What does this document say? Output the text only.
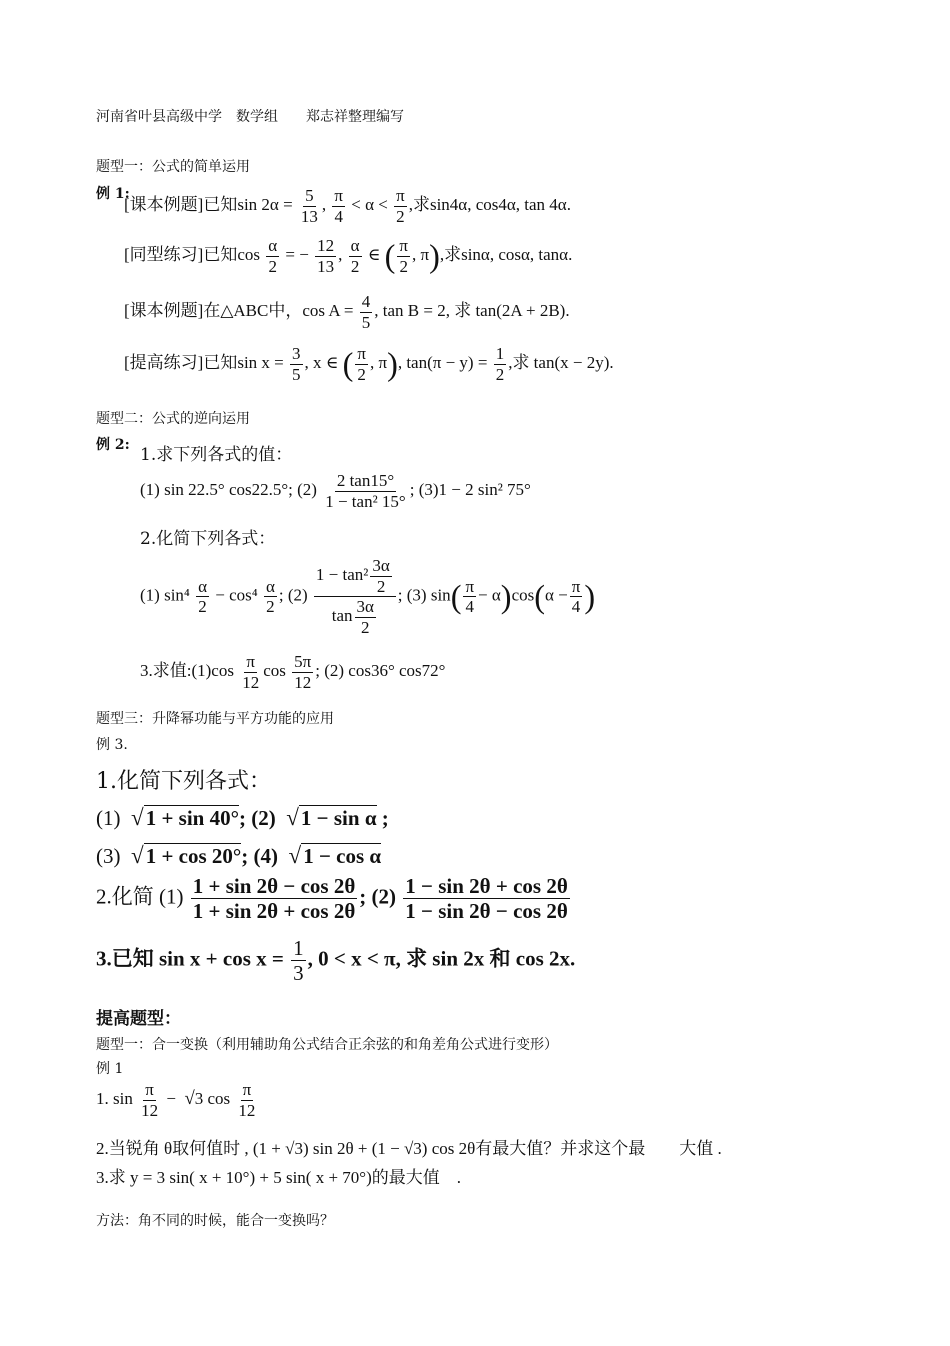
河南省叶县高级中学　数学组　　郑志祥整理编写
题型一：公式的简单运用
例 1:
[课本例题]已知$\sin 2\alpha = \frac{5}{13}$ , $\frac{\pi}{4} < \alpha < \frac{\pi}{2}$ ,求sin4α, cos4α, tan 4α.
[同型练习]已知$\cos \frac{\alpha}{2}$ = − $\frac{12}{13}$ , $\frac{\alpha}{2}$ ∈ ( $\frac{\pi}{2}$ , π),求sinα, cosα, tanα.
[课本例题]在△ABC中，$\cos A = \frac{4}{5}$ , tan B = 2, 求 tan(2A + 2B).
[提高练习]已知$\sin x = \frac{3}{5}$ , x ∈ ( $\frac{\pi}{2}$ , π), $\tan(\pi - y) = \frac{1}{2}$ ,求 tan(x − 2y).
题型二：公式的逆向运用
例 2: 1.求下列各式的值：
(1) sin 22.5° cos22.5°; $(2) \frac{2 \tan 15^\circ}{\text{1 − tan² 15°}}$ ; (3)1 − 2 sin² 75°
2.化简下列各式：
(1) $\sin^4 \frac{\alpha}{2} - \cos^4 \frac{\alpha}{2}$ ; $(2) \frac{1 - \tan^2 \frac{3\alpha}{2}}{\tan \frac{3\alpha}{2}}$ ; (3) $\sin( \frac{\pi}{4} - \alpha)\cos(\alpha - \frac{\pi}{4}$ )
3.求值:(1)cos $\frac{\pi}{12}$ $\cos \frac{5\pi}{12}$ ; (2) cos36° cos72°
题型三：升降幂功能与平方功能的应用
例 3.
1.化简下列各式：
(1) √1 + sin 40°; (2) √1 − sin α ;
(3) √1 + cos 20°; (4) √1 − cos α
2.化简 $(1) \frac{1 + \sin 2\theta - \cos 2\theta}{1 + \sin 2\theta + \cos 2\theta}$ ; $(2) \frac{1 - \sin 2\theta + \cos 2\theta}{1 - \sin 2\theta - \cos 2\theta}$
3.已知 $\sin x + \cos x = \frac{1}{3}$ , 0 < x < π, 求 sin 2x 和 cos 2x.
提高题型：
题型一：合一变换（利用辅助角公式结合正余弦的和角差角公式进行变形）
例 1
1. $\sin \frac{\pi}{12} - √3$ $\cos \frac{\pi}{12}$
2.当锐角 θ取何值时 , (1 + √3) sin 2θ + (1 − √3) cos 2θ有最大值？并求这个最　　大值 .
3.求 y = 3 sin( x + 10°) + 5 sin( x + 70°)的最大值　.
方法：角不同的时候，能合一变换吗？
